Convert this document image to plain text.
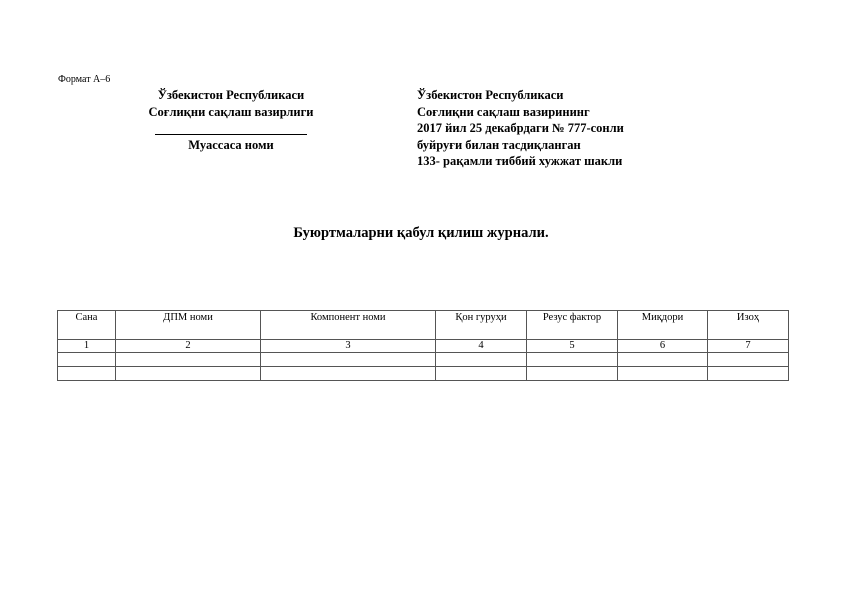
Формат А–6
Ўзбекистон Республикаси
Соғлиқни сақлаш вазирлиги
Муассаса номи
Ўзбекистон Республикаси
Соғлиқни сақлаш вазирининг
2017 йил 25 декабрдаги № 777-сонли
буйруғи билан тасдиқланган
133- рақамли тиббий хужжат шакли
Буюртмаларни қабул қилиш журнали.
Сана	ДПМ номи	Компонент номи	Қон гуруҳи	Резус фактор	Миқдори	Изоҳ
1	2	3	4	5	6	7
